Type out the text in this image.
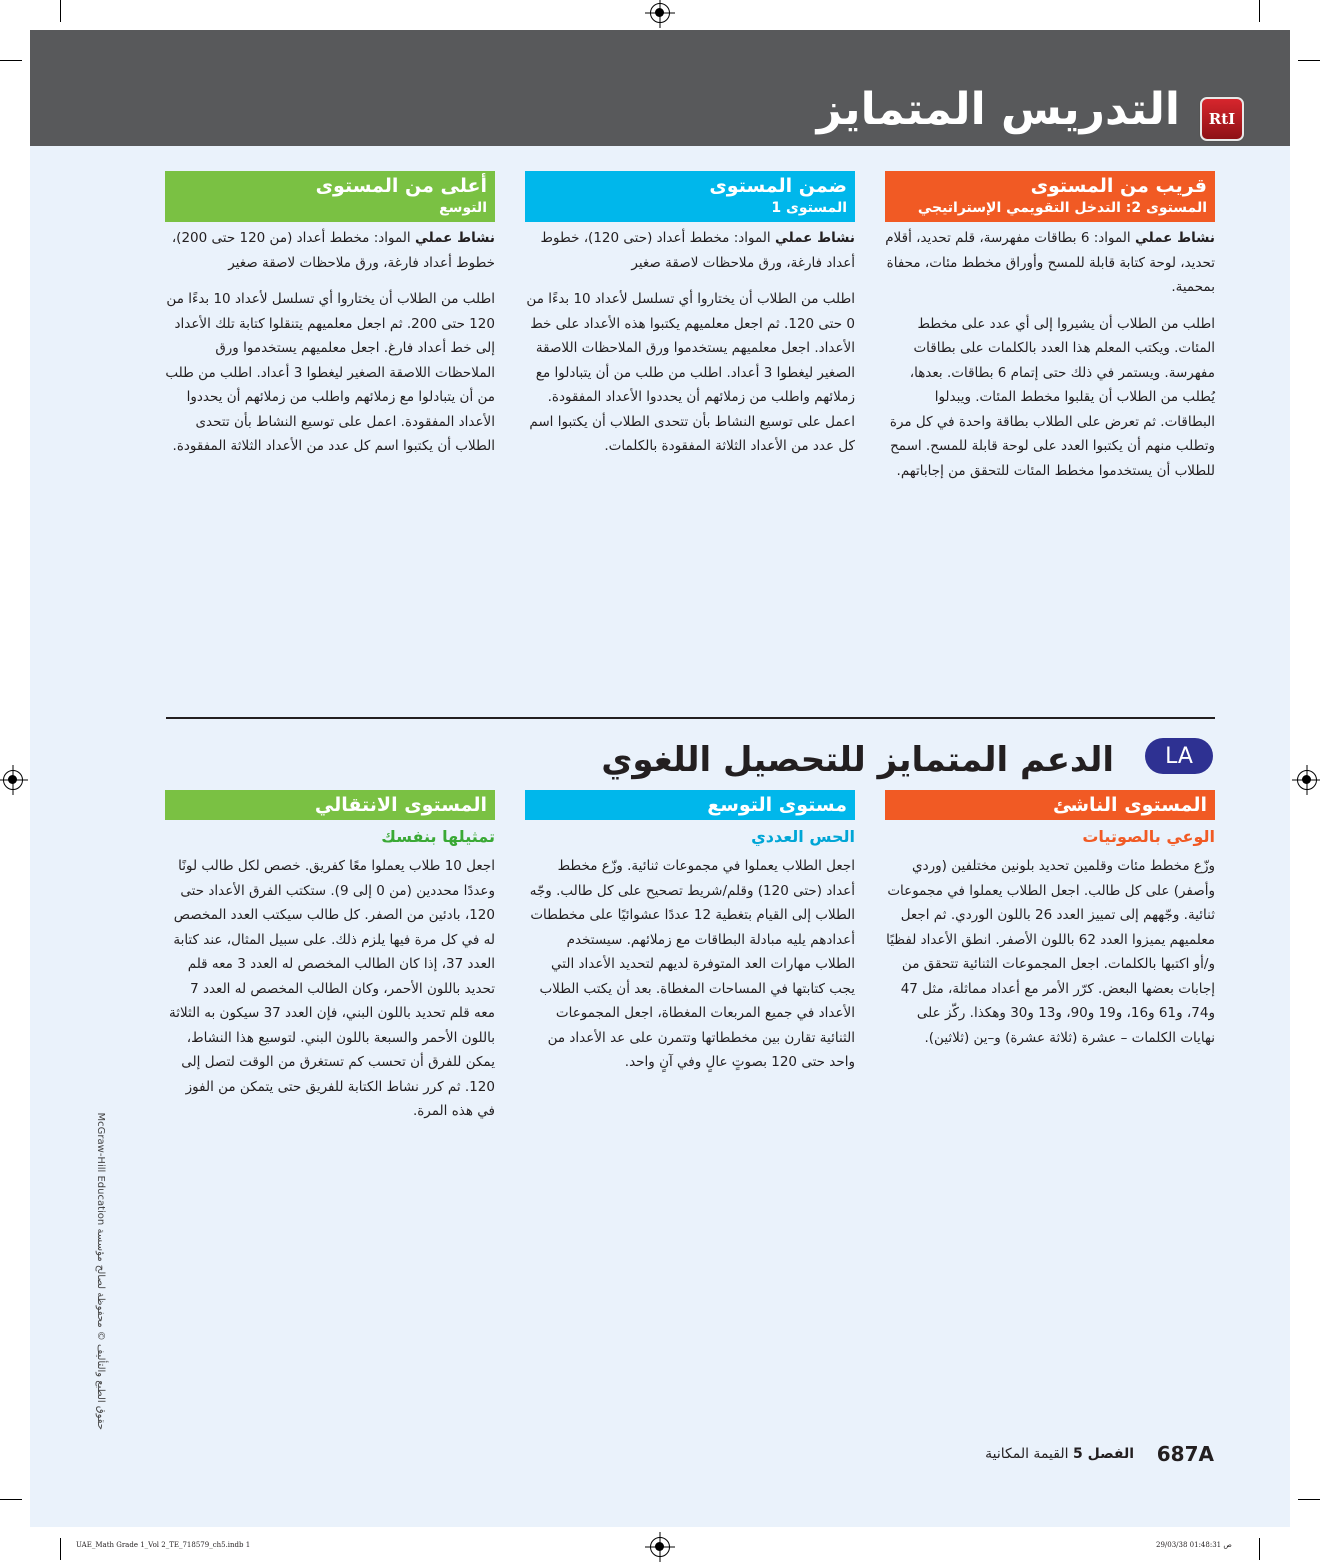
التدريس المتمايز	RtI
قريب من المستوى
المستوى 2: التدخل التقويمي الإستراتيجي

نشاط عملي المواد: 6 بطاقات مفهرسة، قلم تحديد، أقلام تحديد، لوحة كتابة قابلة للمسح وأوراق مخطط مئات، محفاة بمحمية.

اطلب من الطلاب أن يشيروا إلى أي عدد على مخطط المئات. ويكتب المعلم هذا العدد بالكلمات على بطاقات مفهرسة. ويستمر في ذلك حتى إتمام 6 بطاقات. بعدها، يُطلب من الطلاب أن يقلبوا مخطط المئات. ويبدلوا البطاقات. ثم تعرض على الطلاب بطاقة واحدة في كل مرة وتطلب منهم أن يكتبوا العدد على لوحة قابلة للمسح. اسمح للطلاب أن يستخدموا مخطط المئات للتحقق من إجاباتهم.

ضمن المستوى
المستوى 1

نشاط عملي المواد: مخطط أعداد (حتى 120)، خطوط أعداد فارغة، ورق ملاحظات لاصقة صغير

اطلب من الطلاب أن يختاروا أي تسلسل لأعداد 10 بدءًا من 0 حتى 120. ثم اجعل معلميهم يكتبوا هذه الأعداد على خط الأعداد. اجعل معلميهم يستخدموا ورق الملاحظات اللاصقة الصغير ليغطوا 3 أعداد. اطلب من طلب من أن يتبادلوا مع زملائهم واطلب من زملائهم أن يحددوا الأعداد المفقودة. اعمل على توسيع النشاط بأن تتحدى الطلاب أن يكتبوا اسم كل عدد من الأعداد الثلاثة المفقودة بالكلمات.

أعلى من المستوى
التوسع

نشاط عملي المواد: مخطط أعداد (من 120 حتى 200)، خطوط أعداد فارغة، ورق ملاحظات لاصقة صغير

اطلب من الطلاب أن يختاروا أي تسلسل لأعداد 10 بدءًا من 120 حتى 200. ثم اجعل معلميهم يتنقلوا كتابة تلك الأعداد إلى خط أعداد فارغ. اجعل معلميهم يستخدموا ورق الملاحظات اللاصقة الصغير ليغطوا 3 أعداد. اطلب من طلب من أن يتبادلوا مع زملائهم واطلب من زملائهم أن يحددوا الأعداد المفقودة. اعمل على توسيع النشاط بأن تتحدى الطلاب أن يكتبوا اسم كل عدد من الأعداد الثلاثة المفقودة.

الدعم المتمايز للتحصيل اللغوي	LA
المستوى الناشئ
الوعي بالصوتيات

وزّع مخطط مئات وقلمين تحديد بلونين مختلفين (وردي وأصفر) على كل طالب. اجعل الطلاب يعملوا في مجموعات ثنائية. وجّههم إلى تمييز العدد 26 باللون الوردي. ثم اجعل معلميهم يميزوا العدد 62 باللون الأصفر. انطق الأعداد لفظيًا و/أو اكتبها بالكلمات. اجعل المجموعات الثنائية تتحقق من إجابات بعضها البعض. كرّر الأمر مع أعداد مماثلة، مثل 47 و74، و61 و16، و19 و90، و13 و30 وهكذا. ركّز على نهايات الكلمات – عشرة (ثلاثة عشرة) و–ين (ثلاثين).

مستوى التوسع
الحس العددي

اجعل الطلاب يعملوا في مجموعات ثنائية. وزّع مخطط أعداد (حتى 120) وقلم/شريط تصحيح على كل طالب. وجّه الطلاب إلى القيام بتغطية 12 عددًا عشوائيًا على مخططات أعدادهم يليه مبادلة البطاقات مع زملائهم. سيستخدم الطلاب مهارات العد المتوفرة لديهم لتحديد الأعداد التي يجب كتابتها في المساحات المغطاة. بعد أن يكتب الطلاب الأعداد في جميع المربعات المغطاة، اجعل المجموعات الثنائية تقارن بين مخططاتها وتتمرن على عد الأعداد من واحد حتى 120 بصوتٍ عالٍ وفي آنٍ واحد.

المستوى الانتقالي
تمثيلها بنفسك

اجعل 10 طلاب يعملوا معًا كفريق. خصص لكل طالب لونًا وعددًا محددين (من 0 إلى 9). ستكتب الفرق الأعداد حتى 120، بادئين من الصفر. كل طالب سيكتب العدد المخصص له في كل مرة فيها يلزم ذلك. على سبيل المثال، عند كتابة العدد 37، إذا كان الطالب المخصص له العدد 3 معه قلم تحديد باللون الأحمر، وكان الطالب المخصص له العدد 7 معه قلم تحديد باللون البني، فإن العدد 37 سيكون به الثلاثة باللون الأحمر والسبعة باللون البني. لتوسيع هذا النشاط، يمكن للفرق أن تحسب كم تستغرق من الوقت لتصل إلى 120. ثم كرر نشاط الكتابة للفريق حتى يتمكن من الفوز في هذه المرة.

حقوق الطبع والتأليف © محفوظة لصالح مؤسسة McGraw-Hill Education
687A
الفصل 5 القيمة المكانية
UAE_Math Grade 1_Vol 2_TE_718579_ch5.indb 1	29/03/38 01:48:31 ص
